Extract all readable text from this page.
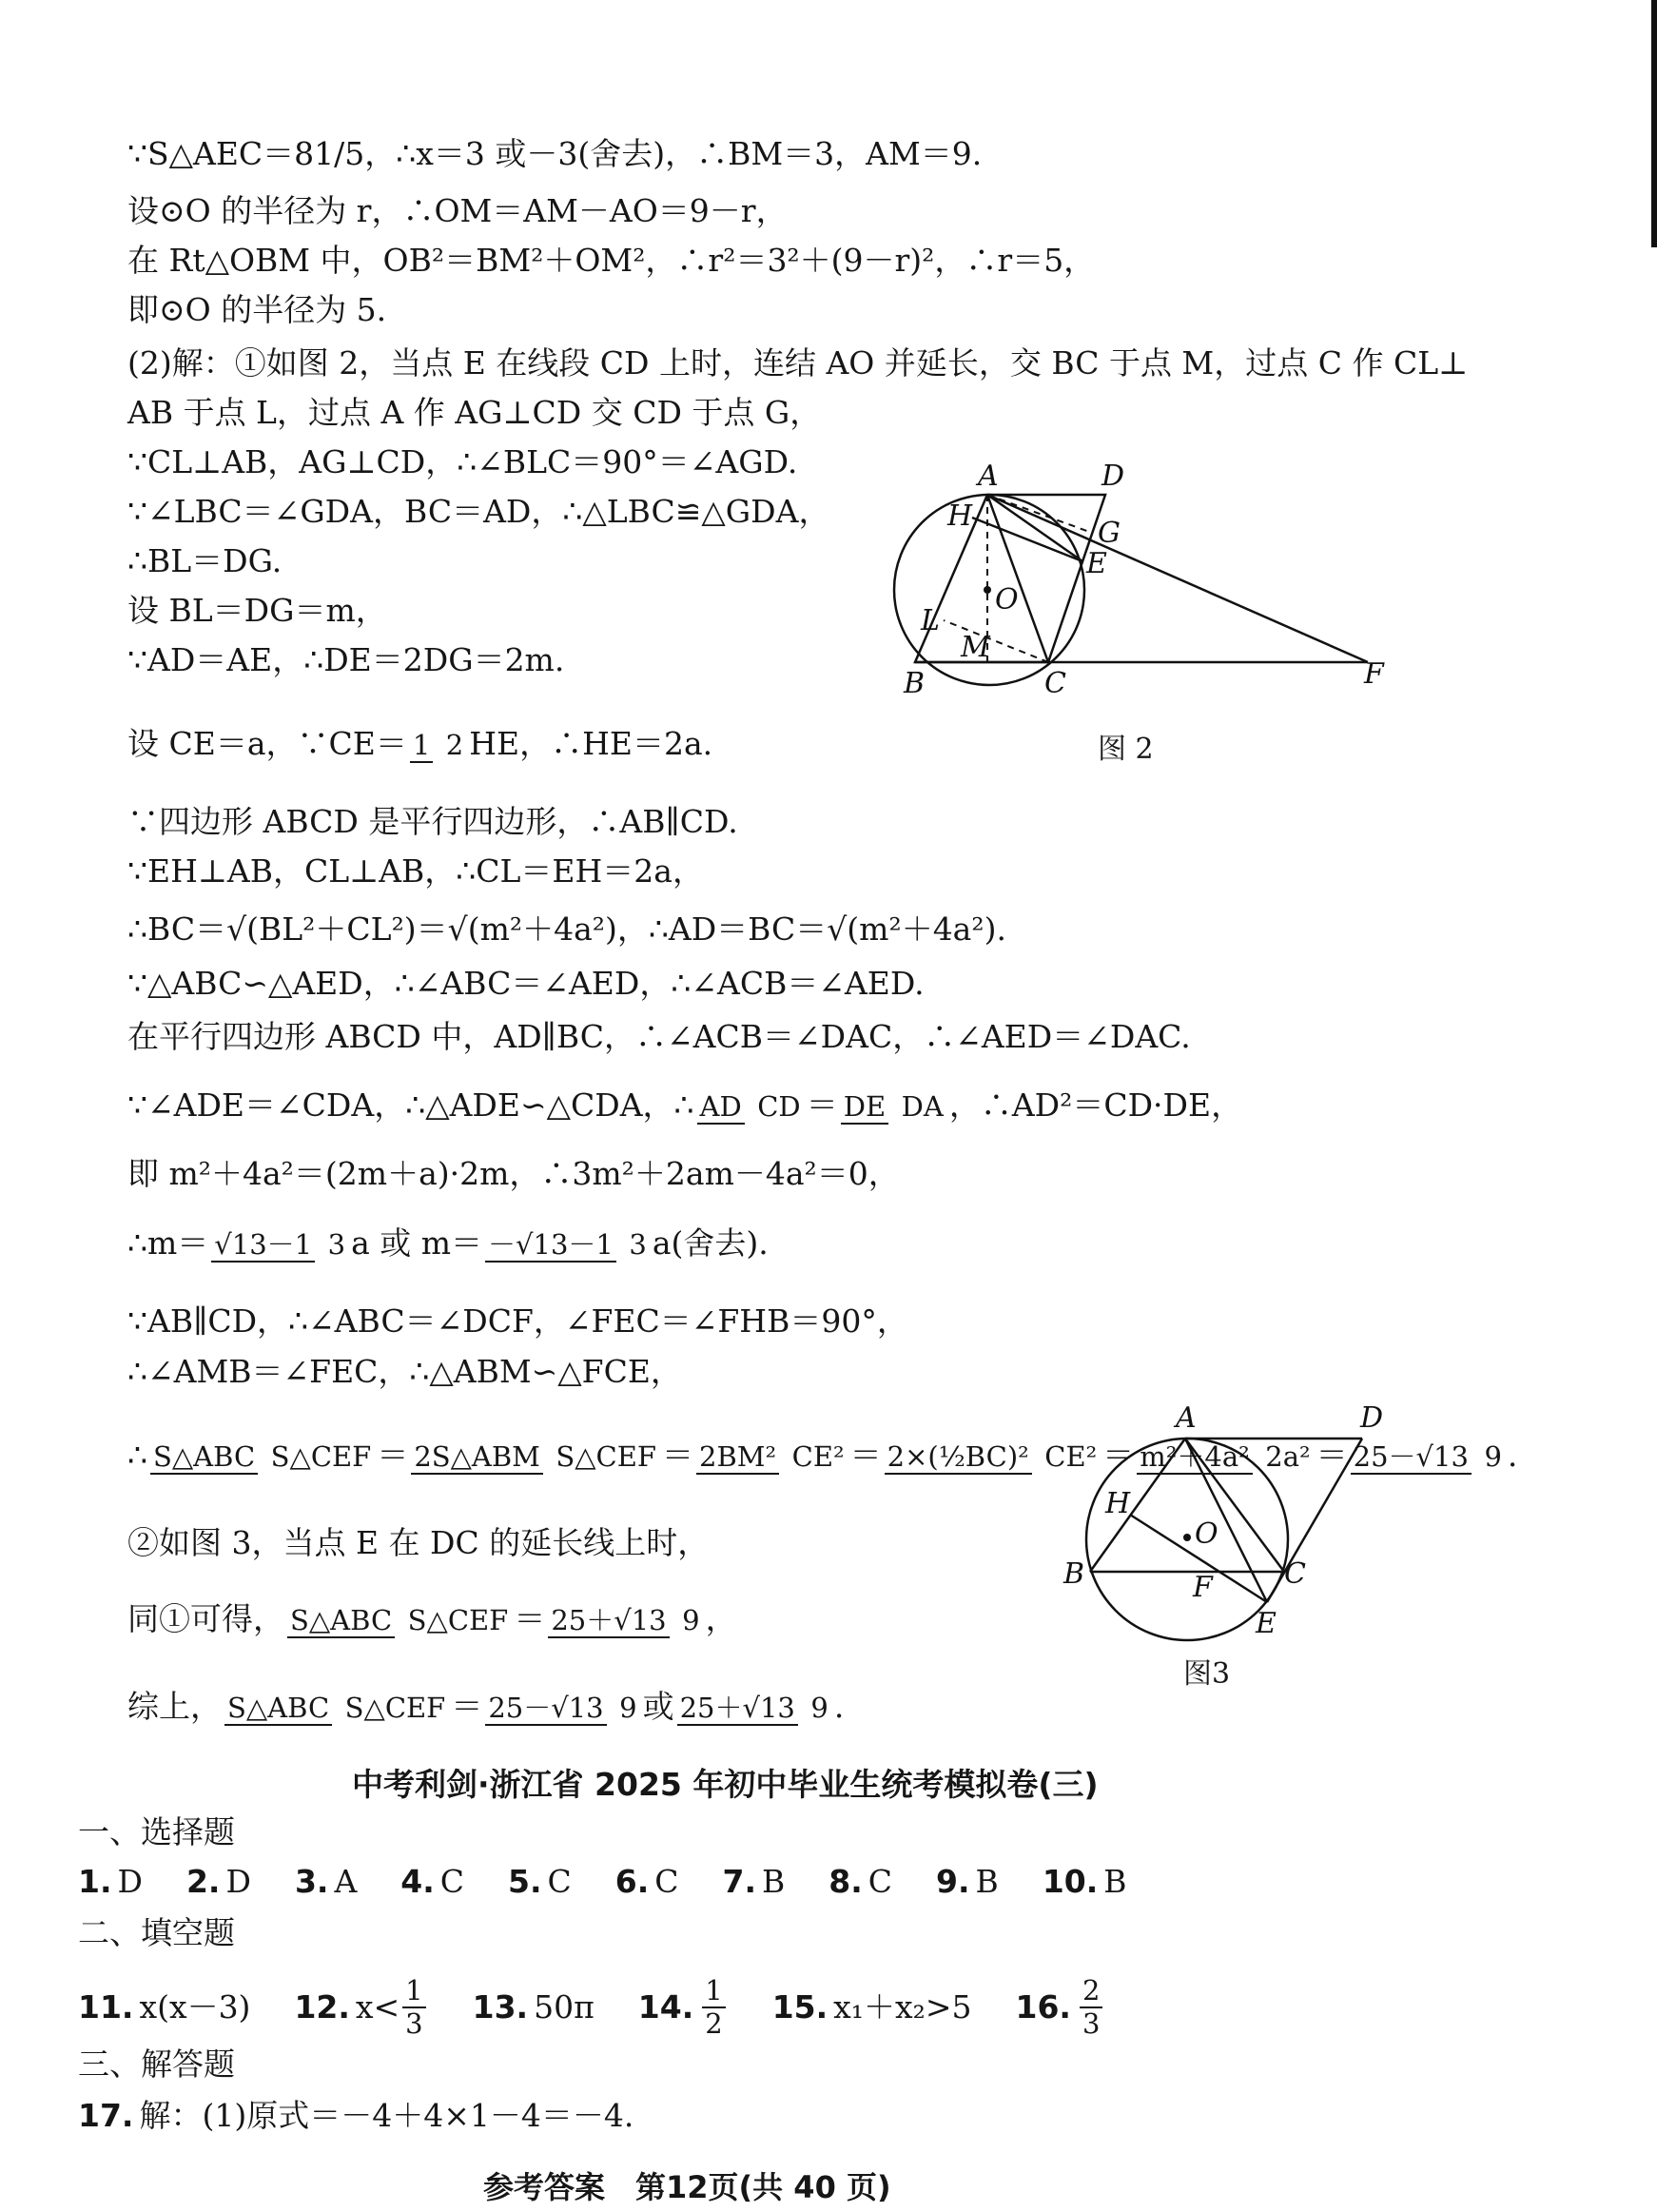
∵S△AEC＝81/5，∴x＝3 或－3(舍去)，∴BM＝3，AM＝9.
设⊙O 的半径为 r，∴OM＝AM－AO＝9－r，
在 Rt△OBM 中，OB²＝BM²＋OM²，∴r²＝3²＋(9－r)²，∴r＝5，
即⊙O 的半径为 5.
(2)解：①如图 2，当点 E 在线段 CD 上时，连结 AO 并延长，交 BC 于点 M，过点 C 作 CL⊥
AB 于点 L，过点 A 作 AG⊥CD 交 CD 于点 G，
∵CL⊥AB，AG⊥CD，∴∠BLC＝90°＝∠AGD.
∵∠LBC＝∠GDA，BC＝AD，∴△LBC≌△GDA，
∴BL＝DG.
设 BL＝DG＝m，
∵AD＝AE，∴DE＝2DG＝2m.
设 CE＝a，∵CE＝ 1 2 HE，∴HE＝2a.
∵四边形 ABCD 是平行四边形，∴AB∥CD.
∵EH⊥AB，CL⊥AB，∴CL＝EH＝2a，
∴BC＝√(BL²＋CL²)＝√(m²＋4a²)，∴AD＝BC＝√(m²＋4a²).
∵△ABC∽△AED，∴∠ABC＝∠AED，∴∠ACB＝∠AED.
在平行四边形 ABCD 中，AD∥BC，∴∠ACB＝∠DAC，∴∠AED＝∠DAC.
∵∠ADE＝∠CDA，∴△ADE∽△CDA，∴ AD CD ＝ DE DA ，∴AD²＝CD·DE，
即 m²＋4a²＝(2m＋a)·2m，∴3m²＋2am－4a²＝0，
∴m＝ √13－1 3 a 或 m＝ －√13－1 3 a(舍去).
∵AB∥CD，∴∠ABC＝∠DCF，∠FEC＝∠FHB＝90°，
∴∠AMB＝∠FEC，∴△ABM∽△FCE，
∴ S△ABC S△CEF ＝ 2S△ABM S△CEF ＝ 2BM² CE² ＝ 2×(½BC)² CE² ＝ m²＋4a² 2a² ＝ 25－√13 9 .
②如图 3，当点 E 在 DC 的延长线上时，
同①可得， S△ABC S△CEF ＝ 25＋√13 9 ，
综上， S△ABC S△CEF ＝ 25－√13 9 或 25＋√13 9 .
A	D
H
G
E
O
L
M
B	C	F
图 2
A	D
H
O
B	F	C
E
图3
中考利剑·浙江省 2025 年初中毕业生统考模拟卷(三)
一、选择题
1. D 2. D 3. A 4. C 5. C 6. C 7. B 8. C 9. B 10. B
二、填空题
11. x(x－3) 12. $x< \frac{1}{3} 13$. 50π 14. $\frac{1}{2} 15$. x₁＋x₂>5 16. $\frac{2}{3}$
三、解答题
17. 解：(1)原式＝－4＋4×1－4＝－4.
参考答案　第12页(共 40 页)
